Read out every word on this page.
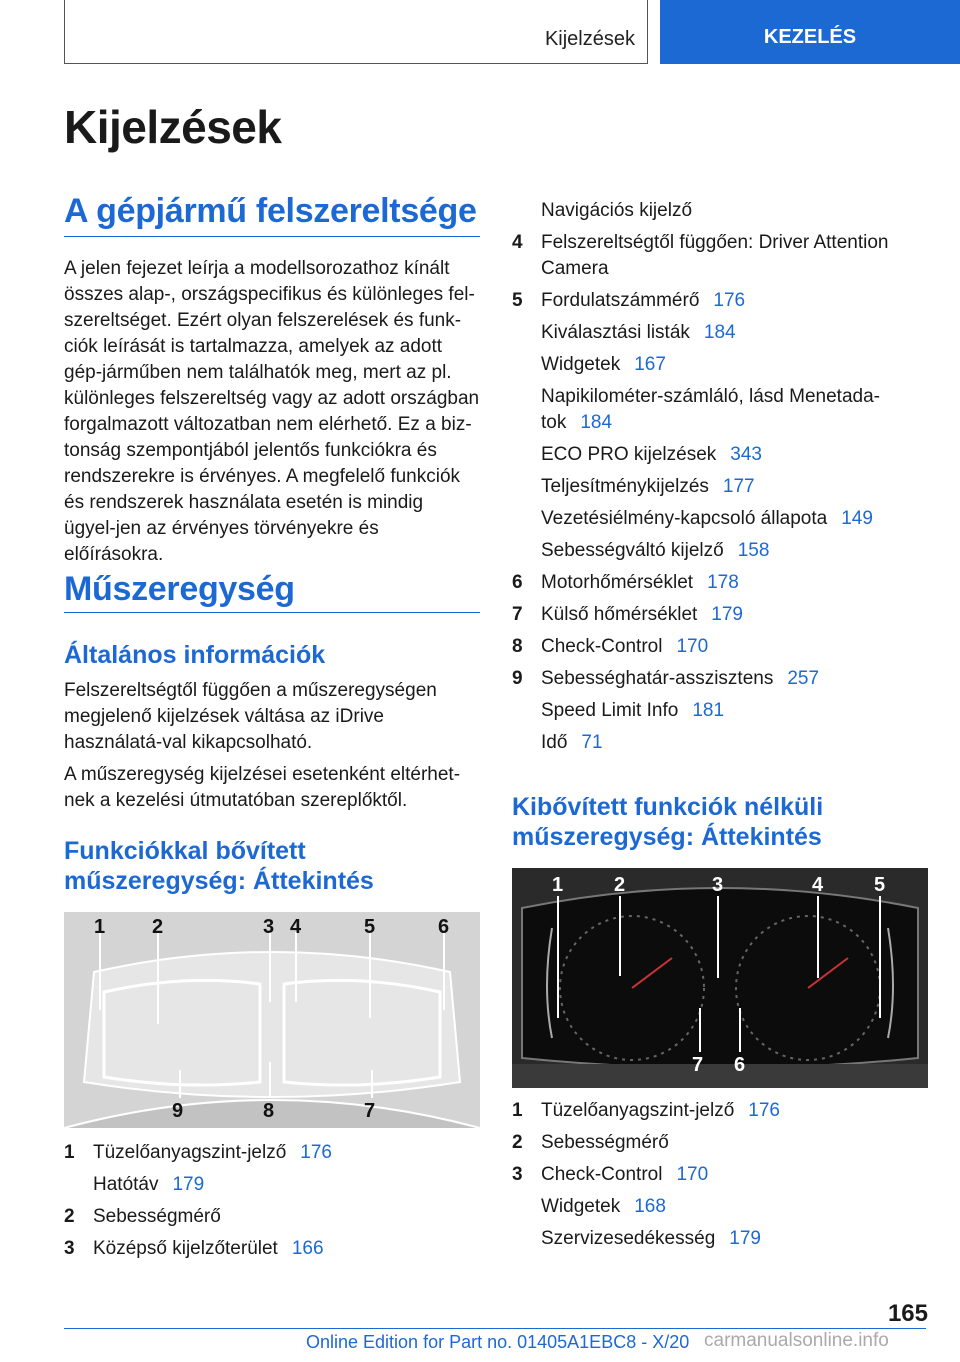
Kijelzések	KEZELÉS
Kijelzések
A gépjármű felszereltsége
A jelen fejezet leírja a modellsorozathoz kínált összes alap-, országspecifikus és különleges fel-szereltséget. Ezért olyan felszerelések és funk-ciók leírását is tartalmazza, amelyek az adott gép-járműben nem találhatók meg, mert az pl. különleges felszereltség vagy az adott országban forgalmazott változatban nem elérhető. Ez a biz-tonság szempontjából jelentős funkciókra és rendszerekre is érvényes. A megfelelő funkciók és rendszerek használata esetén is mindig ügyel-jen az érvényes törvényekre és előírásokra.
Műszeregység
Általános információk
Felszereltségtől függően a műszeregységen megjelenő kijelzések váltása az iDrive használatá-val kikapcsolható.
A műszeregység kijelzései esetenként eltérhet-nek a kezelési útmutatóban szereplőktől.
Funkciókkal bővített műszeregység: Áttekintés
1 2	3 4	5	6
9	8	7
1 Tüzelőanyagszint-jelző 176
Hatótáv 179
2 Sebességmérő
3 Középső kijelzőterület 166
Navigációs kijelző
4 Felszereltségtől függően: Driver Attention Camera
5 Fordulatszámmérő 176
Kiválasztási listák 184
Widgetek 167
Napikilométer-számláló, lásd Menetada-tok 184
ECO PRO kijelzések 343
Teljesítménykijelzés 177
Vezetésiélmény-kapcsoló állapota 149
Sebességváltó kijelző 158
6 Motorhőmérséklet 178
7 Külső hőmérséklet 179
8 Check-Control 170
9 Sebességhatár-asszisztens 257
Speed Limit Info 181
Idő 71
Kibővített funkciók nélküli műszeregység: Áttekintés
1	2	3	4	5
7 6
1 Tüzelőanyagszint-jelző 176
2 Sebességmérő
3 Check-Control 170
Widgetek 168
Szervizesedékesség 179
165
Online Edition for Part no. 01405A1EBC8 - X/20 carmanualsonline.info
